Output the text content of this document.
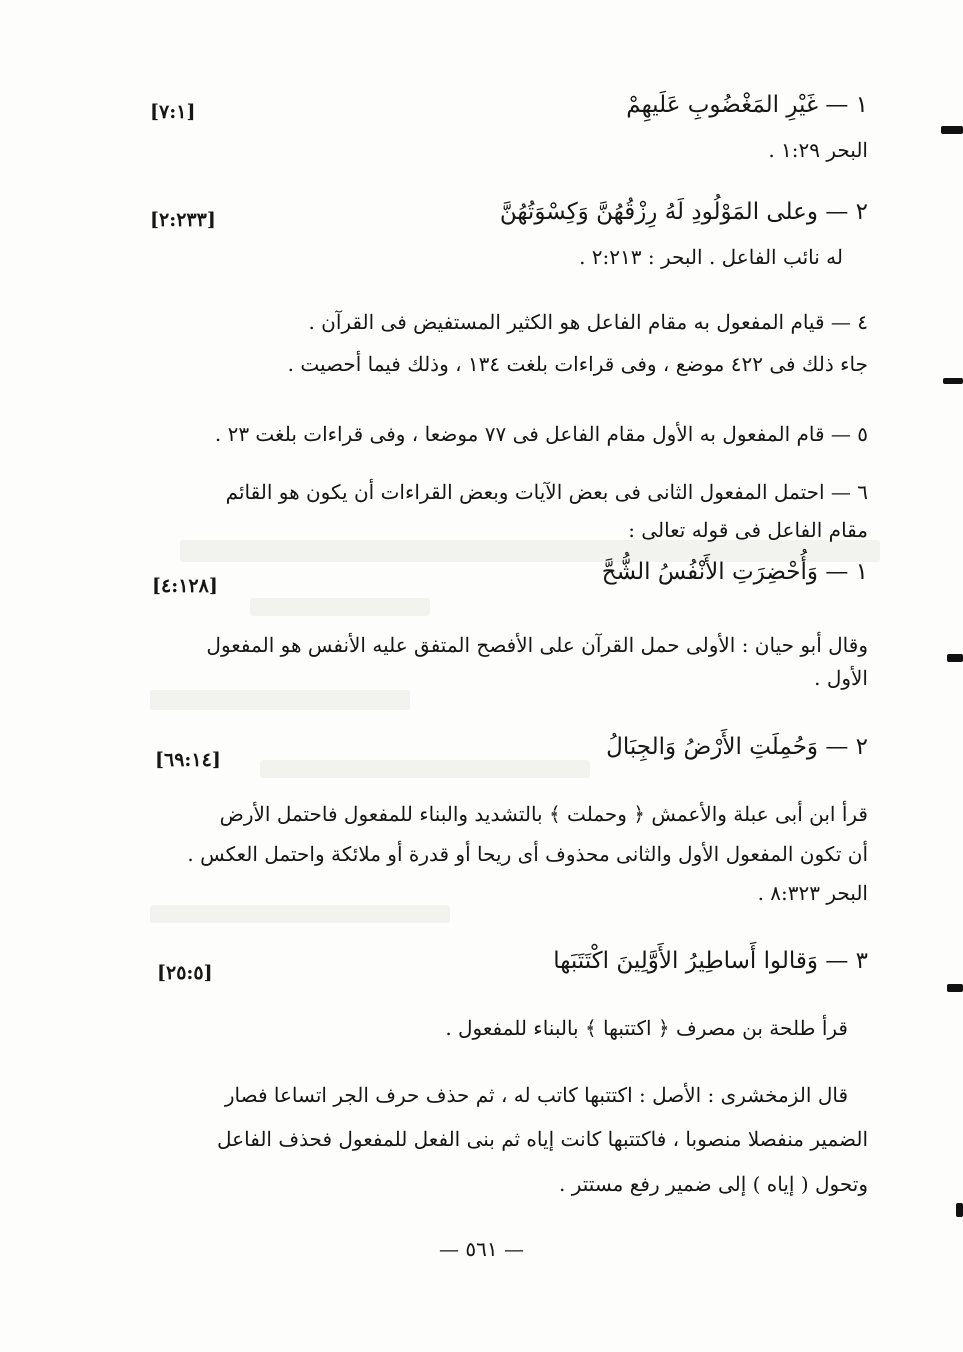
١ — غَيْرِ المَغْضُوبِ عَلَيهِمْ
[٧:١]
البحر ١:٢٩ .
٢ — وعلى المَوْلُودِ لَهُ رِزْقُهُنَّ وَكِسْوَتُهُنَّ
[٢:٢٣٣]
له نائب الفاعل . البحر : ٢:٢١٣ .
٤ — قيام المفعول به مقام الفاعل هو الكثير المستفيض فى القرآن .
جاء ذلك فى ٤٢٢ موضع ، وفى قراءات بلغت ١٣٤ ، وذلك فيما أحصيت .
٥ — قام المفعول به الأول مقام الفاعل فى ٧٧ موضعا ، وفى قراءات بلغت ٢٣ .
٦ — احتمل المفعول الثانى فى بعض الآيات وبعض القراءات أن يكون هو القائم
مقام الفاعل فى قوله تعالى :
١ — وَأُحْضِرَتِ الأَنْفُسُ الشُّحَّ
[٤:١٢٨]
وقال أبو حيان : الأولى حمل القرآن على الأفصح المتفق عليه الأنفس هو المفعول
الأول .
٢ — وَحُمِلَتِ الأَرْضُ وَالجِبَالُ
[٦٩:١٤]
قرأ ابن أبى عبلة والأعمش ﴿ وحملت ﴾ بالتشديد والبناء للمفعول فاحتمل الأرض
أن تكون المفعول الأول والثانى محذوف أى ريحا أو قدرة أو ملائكة واحتمل العكس .
البحر ٨:٣٢٣ .
٣ — وَقالوا أَساطِيرُ الأَوَّلِينَ اكْتَتَبَها
[٢٥:٥]
قرأ طلحة بن مصرف ﴿ اكتتبها ﴾ بالبناء للمفعول .
قال الزمخشرى : الأصل : اكتتبها كاتب له ، ثم حذف حرف الجر اتساعا فصار
الضمير منفصلا منصوبا ، فاكتتبها كانت إياه ثم بنى الفعل للمفعول فحذف الفاعل
وتحول ( إياه ) إلى ضمير رفع مستتر .
— ٥٦١ —
